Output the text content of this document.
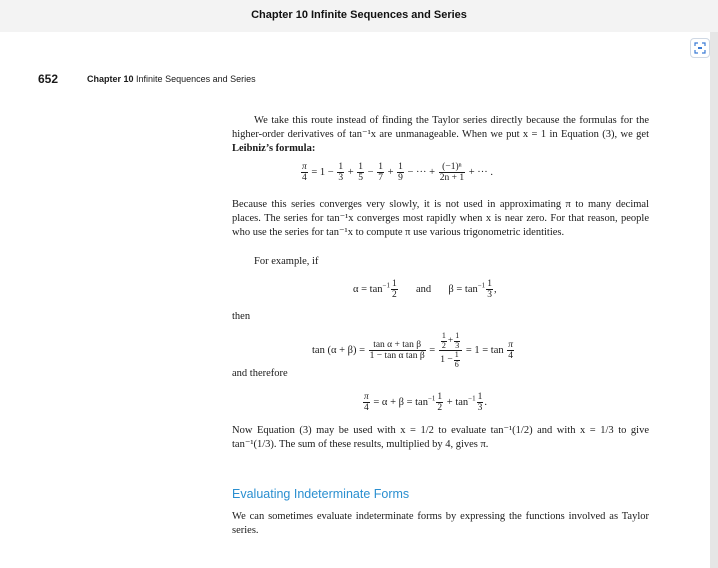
Chapter 10 Infinite Sequences and Series
652	Chapter 10 Infinite Sequences and Series

We take this route instead of finding the Taylor series directly because the formulas for the higher-order derivatives of tan⁻¹x are unmanageable. When we put x = 1 in Equation (3), we get Leibniz’s formula:

$\frac{\pi}{4} = 1 - \frac{1}{3} + \frac{1}{5} - \frac{1}{7} + \frac{1}{9}$ − ··· + $\frac{\text{(−1)ⁿ}}{2n + 1}$ + ··· .

Because this series converges very slowly, it is not used in approximating π to many decimal places. The series for tan⁻¹x converges most rapidly when x is near zero. For that reason, people who use the series for tan⁻¹x to compute π use various trigonometric identities.

For example, if

$\alpha = \tan^{-1} \frac{1}{2}$ and $\beta = \tan^{-1} \frac{1}{3}$ ,
then
$\tan (\alpha + \beta) = \frac{\text{tan α + tan β}}{\text{1 − tan α tan β}} = \frac{\frac{1}{2} + \frac{1}{3}}{1 - \frac{1}{6}} = 1 = \tan \frac{\pi}{4}$
and therefore
$\frac{\pi}{4} = \alpha + \beta = \tan^{-1} \frac{1}{2} + \tan^{-1} \frac{1}{3}$ .

Now Equation (3) may be used with x = 1/2 to evaluate tan⁻¹(1/2) and with x = 1/3 to give tan⁻¹(1/3). The sum of these results, multiplied by 4, gives π.

Evaluating Indeterminate Forms

We can sometimes evaluate indeterminate forms by expressing the functions involved as Taylor series.
